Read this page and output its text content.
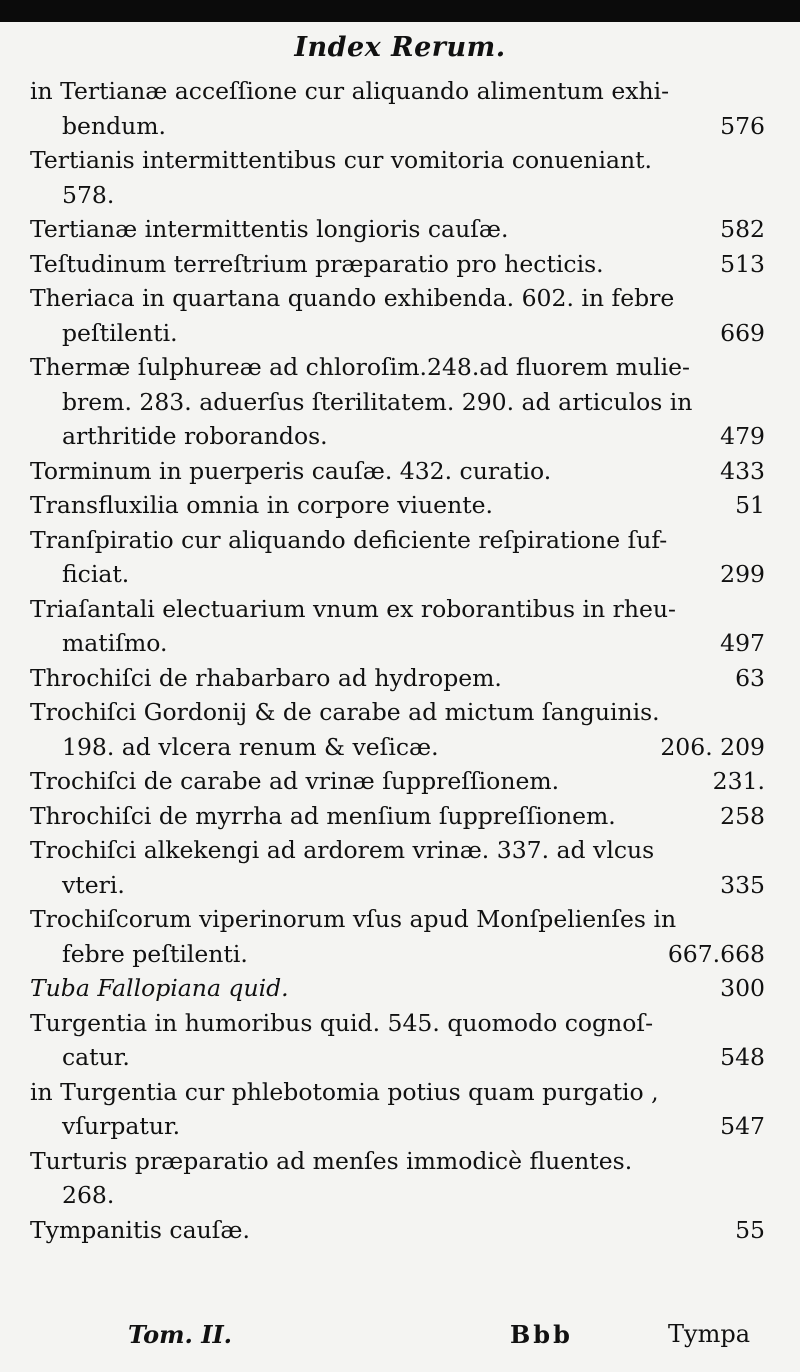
Index Rerum.
in Tertianæ acceſſione cur aliquando alimentum exhi-
bendum.	576
Tertianis intermittentibus cur vomitoria conueniant.
578.
Tertianæ intermittentis longioris cauſæ.	582
Teſtudinum terreſtrium præparatio pro hecticis.	513
Theriaca in quartana quando exhibenda. 602. in febre
peſtilenti.	669
Thermæ ſulphureæ ad chloroſim.248.ad fluorem mulie-
brem. 283. aduerſus ſterilitatem. 290. ad articulos in
arthritide roborandos.	479
Torminum in puerperis cauſæ. 432. curatio.	433
Transfluxilia omnia in corpore viuente.	51
Tranſpiratio cur aliquando deficiente reſpiratione ſuf-
ficiat.	299
Triaſantali electuarium vnum ex roborantibus in rheu-
matiſmo.	497
Throchiſci de rhabarbaro ad hydropem.	63
Trochiſci Gordonij & de carabe ad mictum ſanguinis.
198. ad vlcera renum & veſicæ.	206. 209
Trochiſci de carabe ad vrinæ ſuppreſſionem.	231.
Throchiſci de myrrha ad menſium ſuppreſſionem.	258
Trochiſci alkekengi ad ardorem vrinæ. 337. ad vlcus
vteri.	335
Trochiſcorum viperinorum vſus apud Monſpelienſes in
febre peſtilenti.	667.668
Tuba Fallopiana quid.	300
Turgentia in humoribus quid. 545. quomodo cognoſ-
catur.	548
in Turgentia cur phlebotomia potius quam purgatio ,
vſurpatur.	547
Turturis præparatio ad menſes immodicè fluentes.
268.
Tympanitis cauſæ.	55
Tom. II.	Bbb	Tympa
